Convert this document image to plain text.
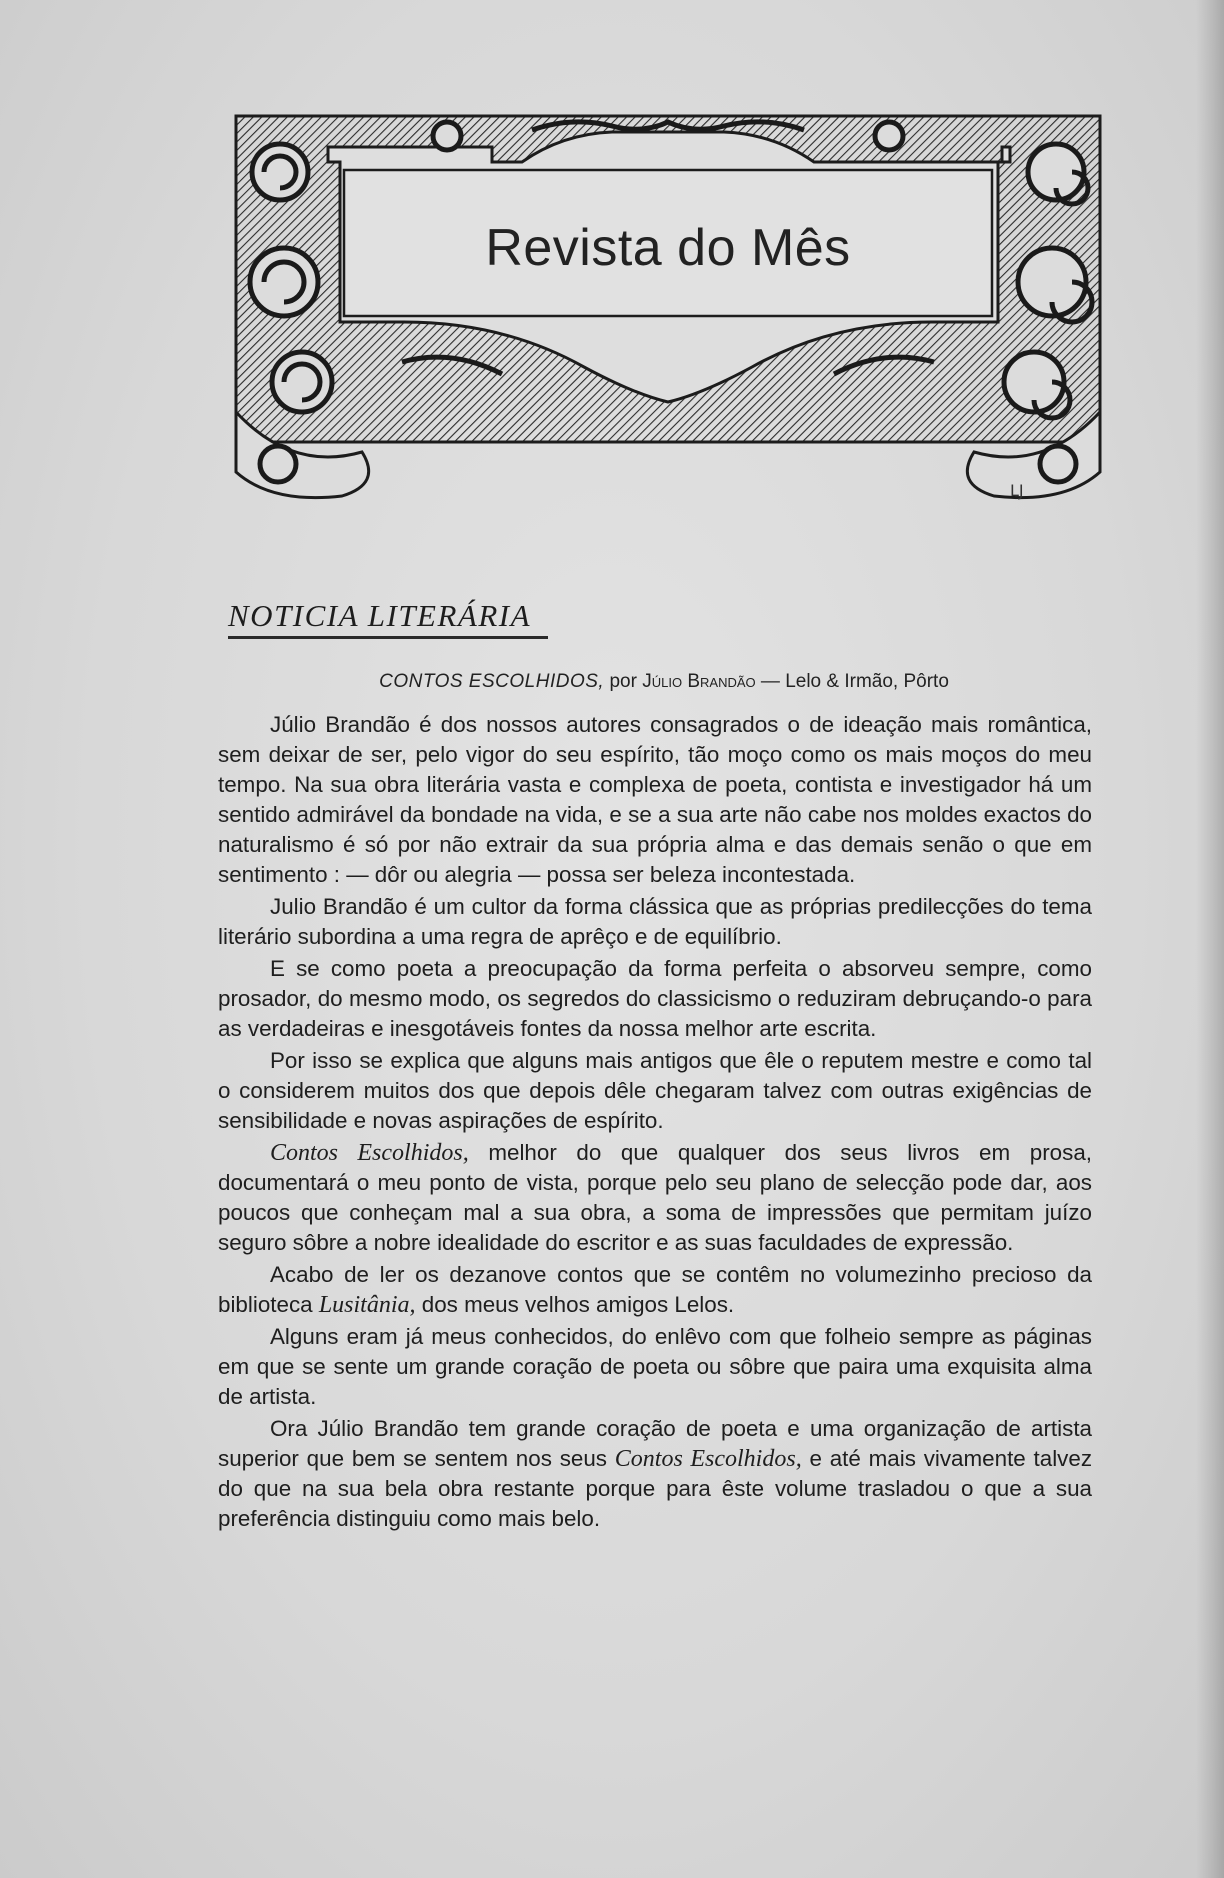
LJ
Revista do Mês
NOTICIA LITERÁRIA
CONTOS ESCOLHIDOS, por Júlio Brandão — Lelo & Irmão, Pôrto

Júlio Brandão é dos nossos autores consagrados o de ideação mais romântica, sem deixar de ser, pelo vigor do seu espírito, tão moço como os mais moços do meu tempo. Na sua obra literária vasta e complexa de poeta, contista e investigador há um sentido admirável da bondade na vida, e se a sua arte não cabe nos moldes exactos do naturalismo é só por não extrair da sua própria alma e das demais senão o que em sentimento : — dôr ou alegria — possa ser beleza incontestada.

Julio Brandão é um cultor da forma clássica que as próprias predilecções do tema literário subordina a uma regra de aprêço e de equilíbrio.

E se como poeta a preocupação da forma perfeita o absorveu sempre, como prosador, do mesmo modo, os segredos do classicismo o reduziram debruçando-o para as verdadeiras e inesgotáveis fontes da nossa melhor arte escrita.

Por isso se explica que alguns mais antigos que êle o reputem mestre e como tal o considerem muitos dos que depois dêle chegaram talvez com outras exigências de sensibilidade e novas aspirações de espírito.

Contos Escolhidos, melhor do que qualquer dos seus livros em prosa, documentará o meu ponto de vista, porque pelo seu plano de selecção pode dar, aos poucos que conheçam mal a sua obra, a soma de impressões que permitam juízo seguro sôbre a nobre idealidade do escritor e as suas faculdades de expressão.

Acabo de ler os dezanove contos que se contêm no volumezinho precioso da biblioteca Lusitânia, dos meus velhos amigos Lelos.

Alguns eram já meus conhecidos, do enlêvo com que folheio sempre as páginas em que se sente um grande coração de poeta ou sôbre que paira uma exquisita alma de artista.

Ora Júlio Brandão tem grande coração de poeta e uma organização de artista superior que bem se sentem nos seus Contos Escolhidos, e até mais vivamente talvez do que na sua bela obra restante porque para êste volume trasladou o que a sua preferência distinguiu como mais belo.
